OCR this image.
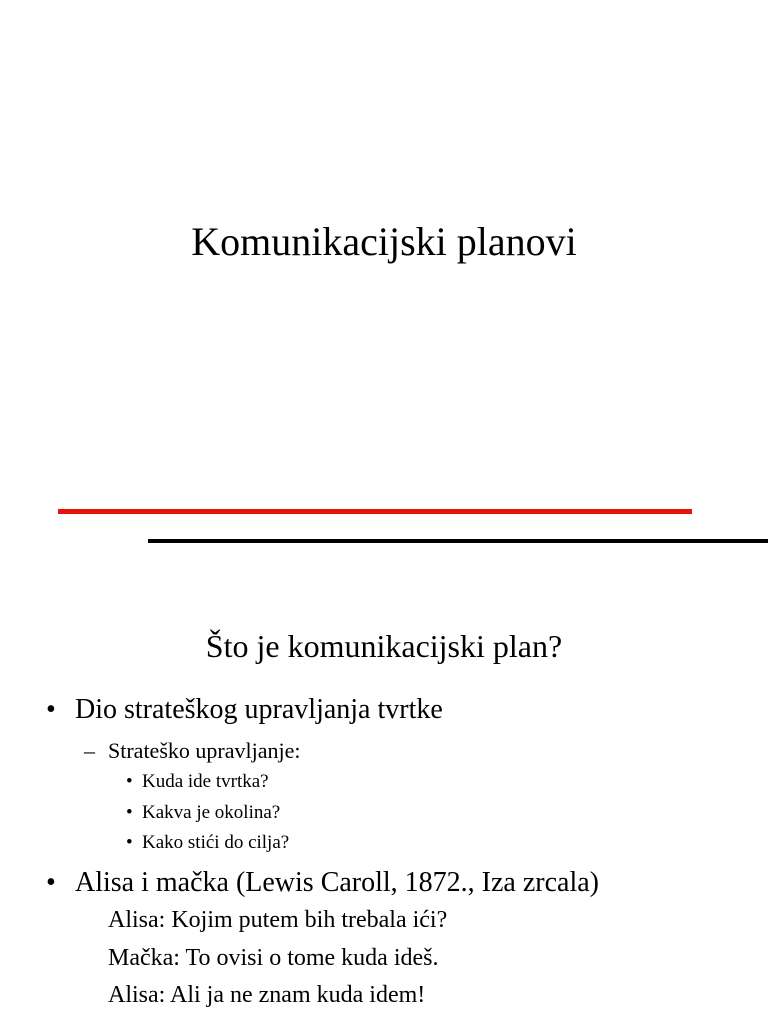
Komunikacijski planovi
Što je komunikacijski plan?
• Dio strateškog upravljanja tvrtke
– Strateško upravljanje:
• Kuda ide tvrtka?
• Kakva je okolina?
• Kako stići do cilja?
• Alisa i mačka (Lewis Caroll, 1872., Iza zrcala)
Alisa: Kojim putem bih trebala ići?
Mačka: To ovisi o tome kuda ideš.
Alisa: Ali ja ne znam kuda idem!
